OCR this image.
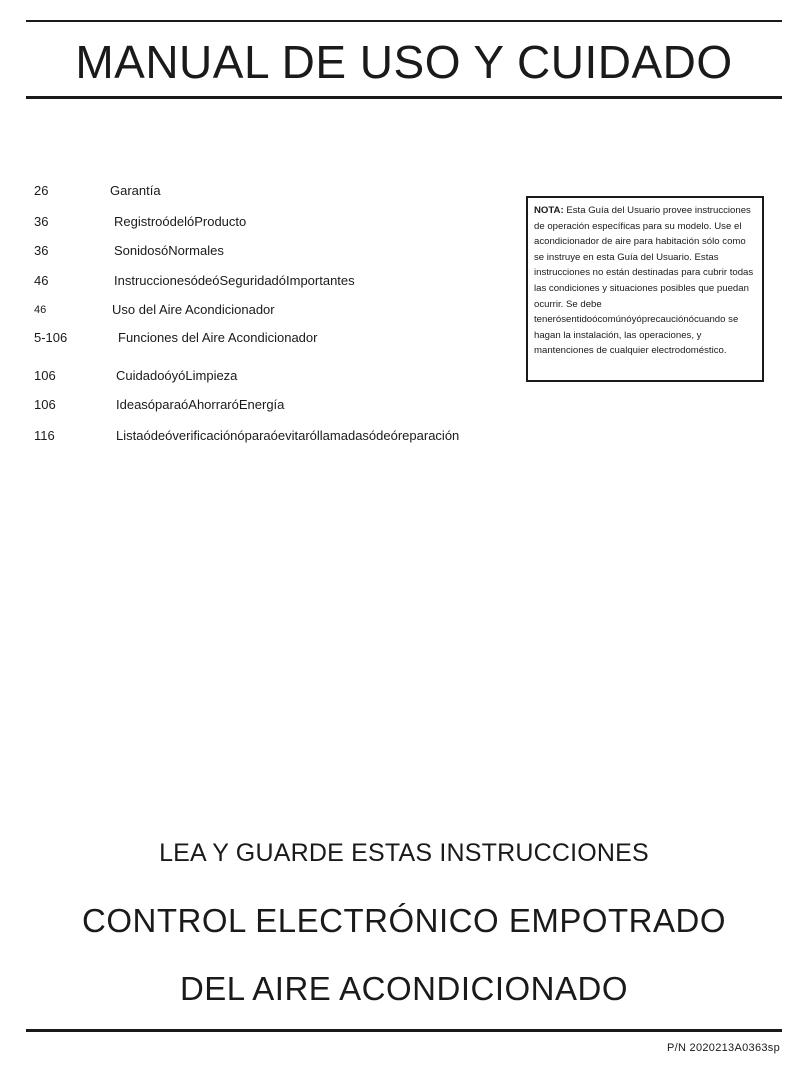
MANUAL DE USO Y CUIDADO
26	Garantía
36	RegistroódelóProducto
36	SonidosóNormales
46	InstruccionesódeóSeguridadóImportantes
46	Uso del Aire Acondicionador
5-106	Funciones del Aire Acondicionador
106	CuidadoóyóLimpieza
106	IdeasóparaóAhorraróEnergía
116	Listaódeóverificaciónóparaóevitaróllamadasódeóreparación
NOTA: Esta Guía del Usuario provee instrucciones de operación específicas para su modelo. Use el acondicionador de aire para habitación sólo como se instruye en esta Guía del Usuario. Estas instrucciones no están destinadas para cubrir todas las condiciones y situaciones posibles que puedan ocurrir. Se debe tenerósentidoócomúnóyóprecauciónócuando se hagan la instalación, las operaciones, y mantenciones de cualquier electrodoméstico.
LEA Y GUARDE ESTAS INSTRUCCIONES
CONTROL ELECTRÓNICO EMPOTRADO
DEL AIRE ACONDICIONADO
P/N 2020213A0363sp
